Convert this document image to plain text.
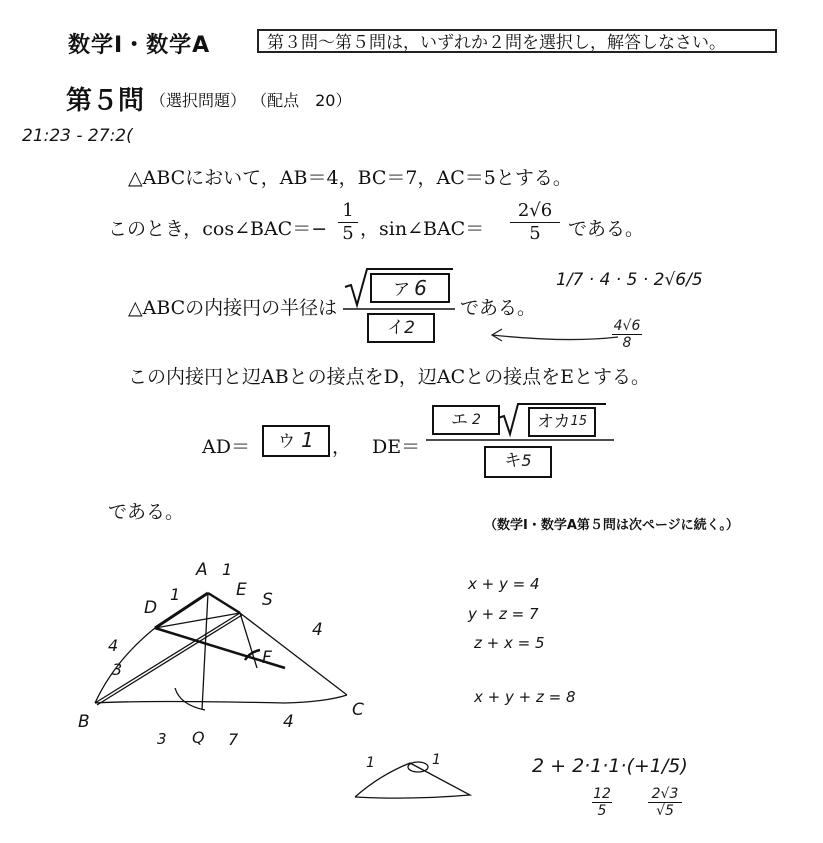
数学Ⅰ・数学A	第３問～第５問は，いずれか２問を選択し，解答しなさい。
第５問 （選択問題） （配点　20）
21:23 - 27:2(
△ABCにおいて，AB＝4，BC＝7，AC＝5とする。
このとき，cos∠BAC＝−
1
5 ，sin∠BAC＝
2√6
5	である。
△ABCの内接円の半径は
ア 6
イ2
である。
この内接円と辺ABとの接点をD，辺ACとの接点をEとする。
AD＝	ウ 1 ， DE＝
エ $^2$	オカ$^{15}$
キ5
である。
（数学Ⅰ・数学A第５問は次ページに続く。）
1/7 · 4 · 5 · 2√6/5
4√6
8
A 1
E S
D
1
4
3
4
F
B
C
4
3 Q 7
x + y = 4
y + z = 7
z + x = 5
x + y + z = 8
1	1	2 + 2·1·1·(+1/5)
12
5
2√3
√5
